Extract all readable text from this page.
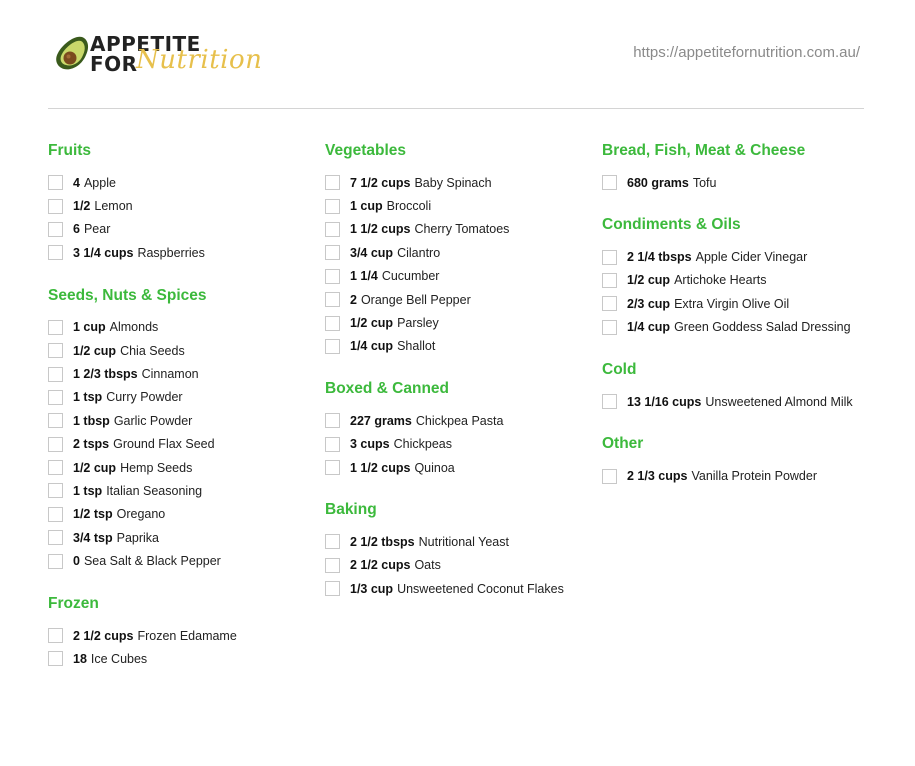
APPETITE
FOR
Nutrition	https://appetitefornutrition.com.au/
Fruits
4 Apple
1/2 Lemon
6 Pear
3 1/4 cups Raspberries
Seeds, Nuts & Spices
1 cup Almonds
1/2 cup Chia Seeds
1 2/3 tbsps Cinnamon
1 tsp Curry Powder
1 tbsp Garlic Powder
2 tsps Ground Flax Seed
1/2 cup Hemp Seeds
1 tsp Italian Seasoning
1/2 tsp Oregano
3/4 tsp Paprika
0 Sea Salt & Black Pepper
Frozen
2 1/2 cups Frozen Edamame
18 Ice Cubes
Vegetables
7 1/2 cups Baby Spinach
1 cup Broccoli
1 1/2 cups Cherry Tomatoes
3/4 cup Cilantro
1 1/4 Cucumber
2 Orange Bell Pepper
1/2 cup Parsley
1/4 cup Shallot
Boxed & Canned
227 grams Chickpea Pasta
3 cups Chickpeas
1 1/2 cups Quinoa
Baking
2 1/2 tbsps Nutritional Yeast
2 1/2 cups Oats
1/3 cup Unsweetened Coconut Flakes
Bread, Fish, Meat & Cheese
680 grams Tofu
Condiments & Oils
2 1/4 tbsps Apple Cider Vinegar
1/2 cup Artichoke Hearts
2/3 cup Extra Virgin Olive Oil
1/4 cup Green Goddess Salad Dressing
Cold
13 1/16 cups Unsweetened Almond Milk
Other
2 1/3 cups Vanilla Protein Powder
